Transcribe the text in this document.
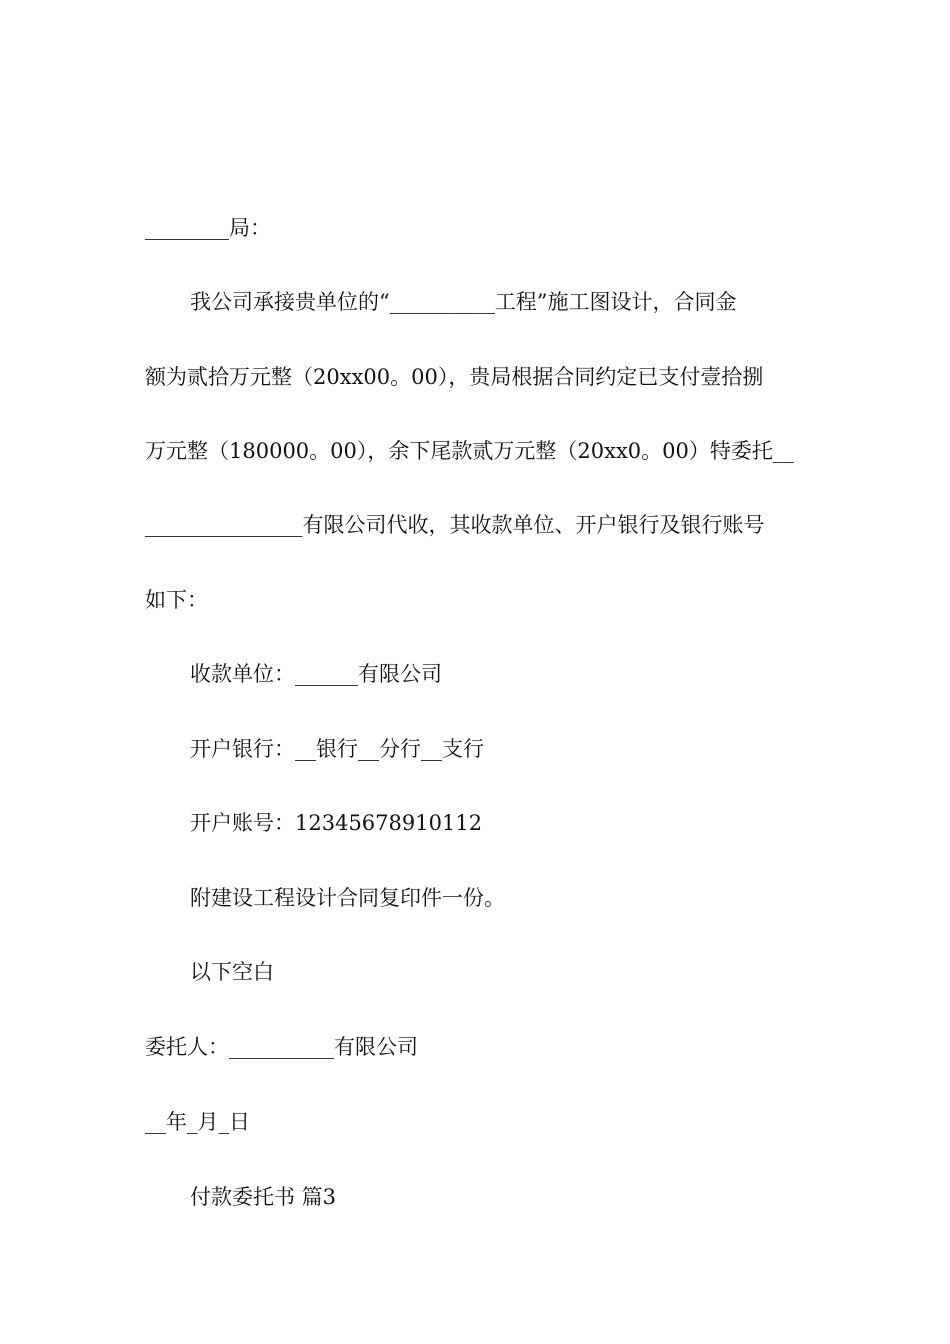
________局：
我公司承接贵单位的“__________工程”施工图设计，合同金
额为贰拾万元整（20xx00。00），贵局根据合同约定已支付壹拾捌
万元整（180000。00），余下尾款贰万元整（20xx0。00）特委托__
_______________有限公司代收，其收款单位、开户银行及银行账号
如下：
收款单位：______有限公司
开户银行：__银行__分行__支行
开户账号：12345678910112
附建设工程设计合同复印件一份。
以下空白
委托人：__________有限公司
__年_月_日
付款委托书 篇3
